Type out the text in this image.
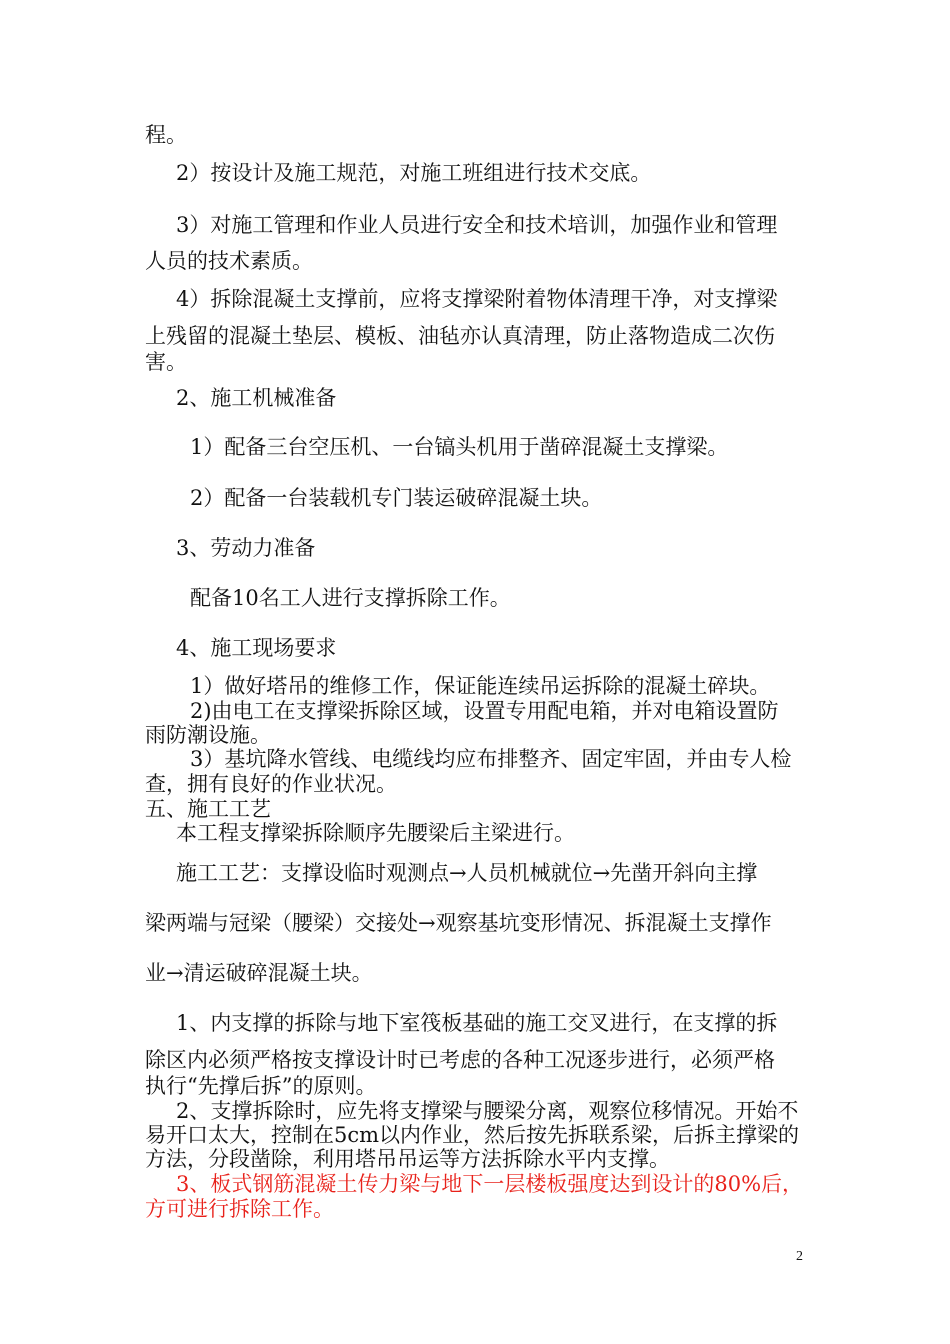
程。
2）按设计及施工规范，对施工班组进行技术交底。
3）对施工管理和作业人员进行安全和技术培训，加强作业和管理
人员的技术素质。
4）拆除混凝土支撑前，应将支撑梁附着物体清理干净，对支撑梁
上残留的混凝土垫层、模板、油毡亦认真清理，防止落物造成二次伤
害。
2、施工机械准备
1）配备三台空压机、一台镐头机用于凿碎混凝土支撑梁。
2）配备一台装载机专门装运破碎混凝土块。
3、劳动力准备
配备10名工人进行支撑拆除工作。
4、施工现场要求
1）做好塔吊的维修工作，保证能连续吊运拆除的混凝土碎块。
2)由电工在支撑梁拆除区域，设置专用配电箱，并对电箱设置防
雨防潮设施。
3）基坑降水管线、电缆线均应布排整齐、固定牢固，并由专人检
查，拥有良好的作业状况。
五、施工工艺
本工程支撑梁拆除顺序先腰梁后主梁进行。
施工工艺：支撑设临时观测点→人员机械就位→先凿开斜向主撑
梁两端与冠梁（腰梁）交接处→观察基坑变形情况、拆混凝土支撑作
业→清运破碎混凝土块。
1、内支撑的拆除与地下室筏板基础的施工交叉进行，在支撑的拆
除区内必须严格按支撑设计时已考虑的各种工况逐步进行，必须严格
执行“先撑后拆”的原则。
2、支撑拆除时，应先将支撑梁与腰梁分离，观察位移情况。开始不
易开口太大，控制在5cm以内作业，然后按先拆联系梁，后拆主撑梁的
方法，分段凿除，利用塔吊吊运等方法拆除水平内支撑。
3、板式钢筋混凝土传力梁与地下一层楼板强度达到设计的80%后，
方可进行拆除工作。
2
